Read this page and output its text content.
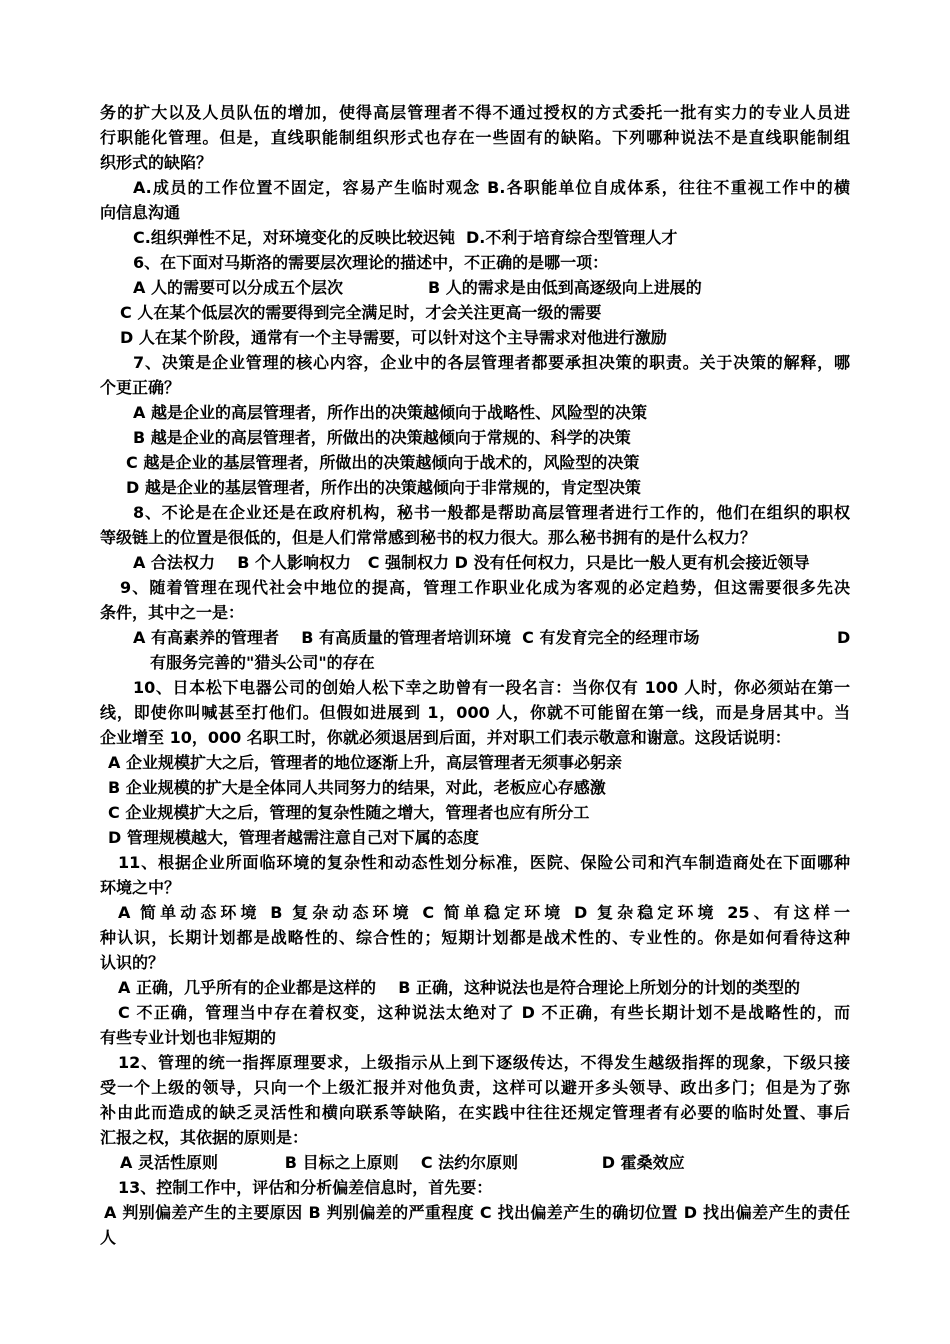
务的扩大以及人员队伍的增加，使得高层管理者不得不通过授权的方式委托一批有实力的专业人员进
行职能化管理。但是，直线职能制组织形式也存在一些固有的缺陷。下列哪种说法不是直线职能制组
织形式的缺陷？
A.成员的工作位置不固定，容易产生临时观念 B.各职能单位自成体系，往往不重视工作中的横
向信息沟通
C.组织弹性不足，对环境变化的反映比较迟钝  D.不利于培育综合型管理人才
6、在下面对马斯洛的需要层次理论的描述中，不正确的是哪一项：
A 人的需要可以分成五个层次	B 人的需求是由低到高逐级向上进展的
C 人在某个低层次的需要得到完全满足时，才会关注更高一级的需要
D 人在某个阶段，通常有一个主导需要，可以针对这个主导需求对他进行激励
7、决策是企业管理的核心内容，企业中的各层管理者都要承担决策的职责。关于决策的解释，哪
个更正确？
A 越是企业的高层管理者，所作出的决策越倾向于战略性、风险型的决策
B 越是企业的高层管理者，所做出的决策越倾向于常规的、科学的决策
C 越是企业的基层管理者，所做出的决策越倾向于战术的，风险型的决策
D 越是企业的基层管理者，所作出的决策越倾向于非常规的，肯定型决策
8、不论是在企业还是在政府机构，秘书一般都是帮助高层管理者进行工作的，他们在组织的职权
等级链上的位置是很低的，但是人们常常感到秘书的权力很大。那么秘书拥有的是什么权力？
A 合法权力    B 个人影响权力   C 强制权力 D 没有任何权力，只是比一般人更有机会接近领导
9、随着管理在现代社会中地位的提高，管理工作职业化成为客观的必定趋势，但这需要很多先决
条件，其中之一是：
A 有高素养的管理者    B 有高质量的管理者培训环境  C 有发育完全的经理市场	D
有服务完善的"猎头公司"的存在
10、日本松下电器公司的创始人松下幸之助曾有一段名言：当你仅有 100 人时，你必须站在第一
线，即使你叫喊甚至打他们。但假如进展到 1，000 人，你就不可能留在第一线，而是身居其中。当
企业增至 10，000 名职工时，你就必须退居到后面，并对职工们表示敬意和谢意。这段话说明：
A 企业规模扩大之后，管理者的地位逐渐上升，高层管理者无须事必躬亲
B 企业规模的扩大是全体同人共同努力的结果，对此，老板应心存感激
C 企业规模扩大之后，管理的复杂性随之增大，管理者也应有所分工
D 管理规模越大，管理者越需注意自己对下属的态度
11、根据企业所面临环境的复杂性和动态性划分标准，医院、保险公司和汽车制造商处在下面哪种
环境之中？
A 简单动态环境 B 复杂动态环境 C 简单稳定环境 D 复杂稳定环境 25、有这样一
种认识，长期计划都是战略性的、综合性的；短期计划都是战术性的、专业性的。你是如何看待这种
认识的？
A 正确，几乎所有的企业都是这样的    B 正确，这种说法也是符合理论上所划分的计划的类型的
C 不正确，管理当中存在着权变，这种说法太绝对了 D 不正确，有些长期计划不是战略性的，而
有些专业计划也非短期的
12、管理的统一指挥原理要求，上级指示从上到下逐级传达，不得发生越级指挥的现象，下级只接
受一个上级的领导，只向一个上级汇报并对他负责，这样可以避开多头领导、政出多门；但是为了弥
补由此而造成的缺乏灵活性和横向联系等缺陷，在实践中往往还规定管理者有必要的临时处置、事后
汇报之权，其依据的原则是：
A 灵活性原则            B 目标之上原则    C 法约尔原则               D 霍桑效应
13、控制工作中，评估和分析偏差信息时，首先要：
A 判别偏差产生的主要原因 B 判别偏差的严重程度 C 找出偏差产生的确切位置 D 找出偏差产生的责任
人
